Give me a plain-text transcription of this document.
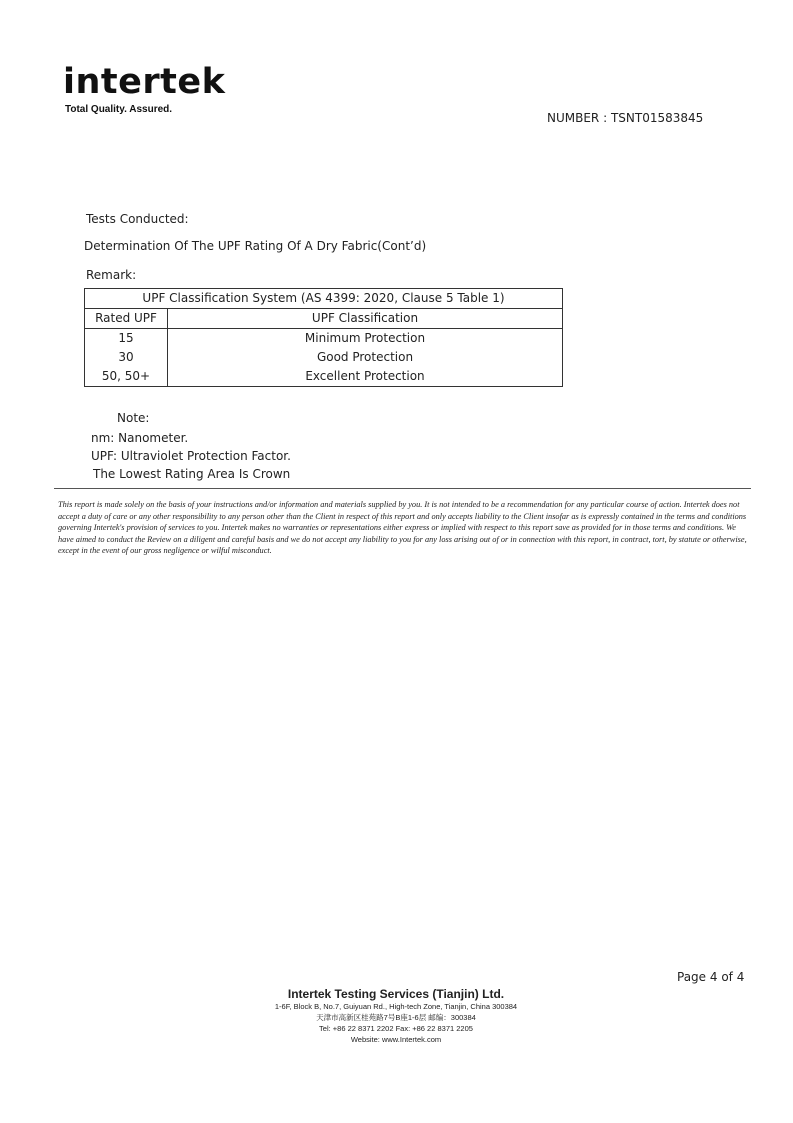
intertek
Total Quality. Assured.
NUMBER : TSNT01583845
Tests Conducted:
Determination Of The UPF Rating Of A Dry Fabric(Cont’d)
Remark:
UPF Classification System (AS 4399: 2020, Clause 5 Table 1)	
Rated UPF	UPF Classification
15	Minimum Protection
30	Good Protection
50, 50+	Excellent Protection
Note:
nm: Nanometer.
UPF: Ultraviolet Protection Factor.
The Lowest Rating Area Is Crown
This report is made solely on the basis of your instructions and/or information and materials supplied by you. It is not intended to be a recommendation for any particular course of action. Intertek does not accept a duty of care or any other responsibility to any person other than the Client in respect of this report and only accepts liability to the Client insofar as is expressly contained in the terms and conditions governing Intertek's provision of services to you. Intertek makes no warranties or representations either express or implied with respect to this report save as provided for in those terms and conditions. We have aimed to conduct the Review on a diligent and careful basis and we do not accept any liability to you for any loss arising out of or in connection with this report, in contract, tort, by statute or otherwise, except in the event of our gross negligence or wilful misconduct.
Page 4 of 4
Intertek Testing Services (Tianjin) Ltd.
1-6F, Block B, No.7, Guiyuan Rd., High-tech Zone, Tianjin, China 300384
天津市高新区桂苑路7号B座1-6层 邮编：300384
Tel: +86 22 8371 2202 Fax: +86 22 8371 2205
Website: www.Intertek.com
